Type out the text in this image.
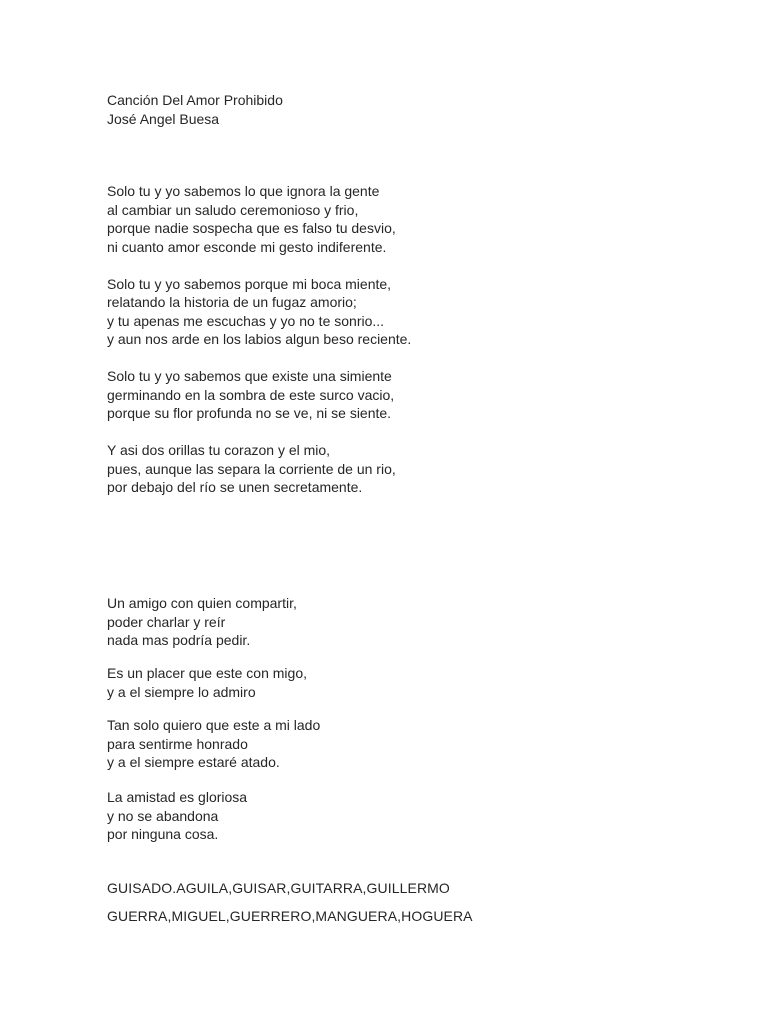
Canción Del Amor Prohibido
José Angel Buesa
Solo tu y yo sabemos lo que ignora la gente
al cambiar un saludo ceremonioso y frio,
porque nadie sospecha que es falso tu desvio,
ni cuanto amor esconde mi gesto indiferente.
Solo tu y yo sabemos porque mi boca miente,
relatando la historia de un fugaz amorio;
y tu apenas me escuchas y yo no te sonrio...
y aun nos arde en los labios algun beso reciente.
Solo tu y yo sabemos que existe una simiente
germinando en la sombra de este surco vacio,
porque su flor profunda no se ve, ni se siente.
Y asi dos orillas tu corazon y el mio,
pues, aunque las separa la corriente de un rio,
por debajo del río se unen secretamente.
Un amigo con quien compartir,
poder charlar y reír
nada mas podría pedir.
Es un placer que este con migo,
y a el siempre lo admiro
Tan solo quiero que este a mi lado
para sentirme honrado
y a el siempre estaré atado.
La amistad es gloriosa
y no se abandona
por ninguna cosa.
GUISADO.AGUILA,GUISAR,GUITARRA,GUILLERMO
GUERRA,MIGUEL,GUERRERO,MANGUERA,HOGUERA
